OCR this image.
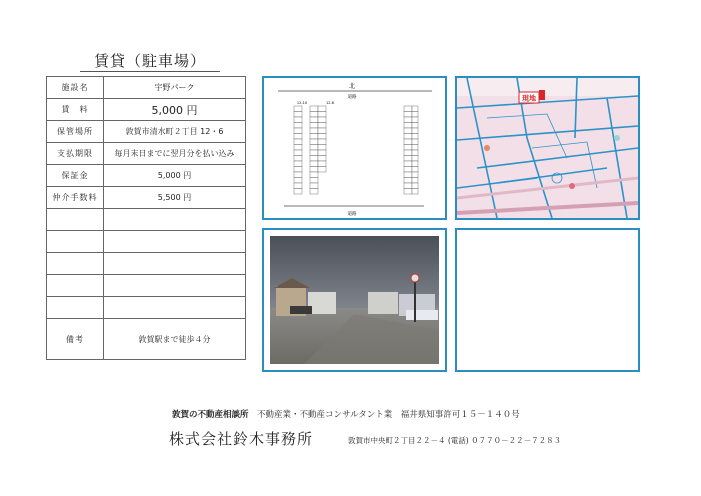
賃貸（駐車場）
施設名	宇野パーク
賃　料	5,000 円
保管場所	敦賀市清水町２丁目 12・6
支払期限	毎月末日までに翌月分を払い込み
保証金	5,000 円
仲介手数料	5,500 円

備考	敦賀駅まで徒歩４分
北
道路
12-10	12-6
道路
現地
敦賀の不動産相談所　 不動産業・不動産コンサルタント業　福井県知事許可１５－１４０号
株式会社鈴木事務所	敦賀市中央町２丁目２２－４ (電話) ０７７０－２２－７２８３
